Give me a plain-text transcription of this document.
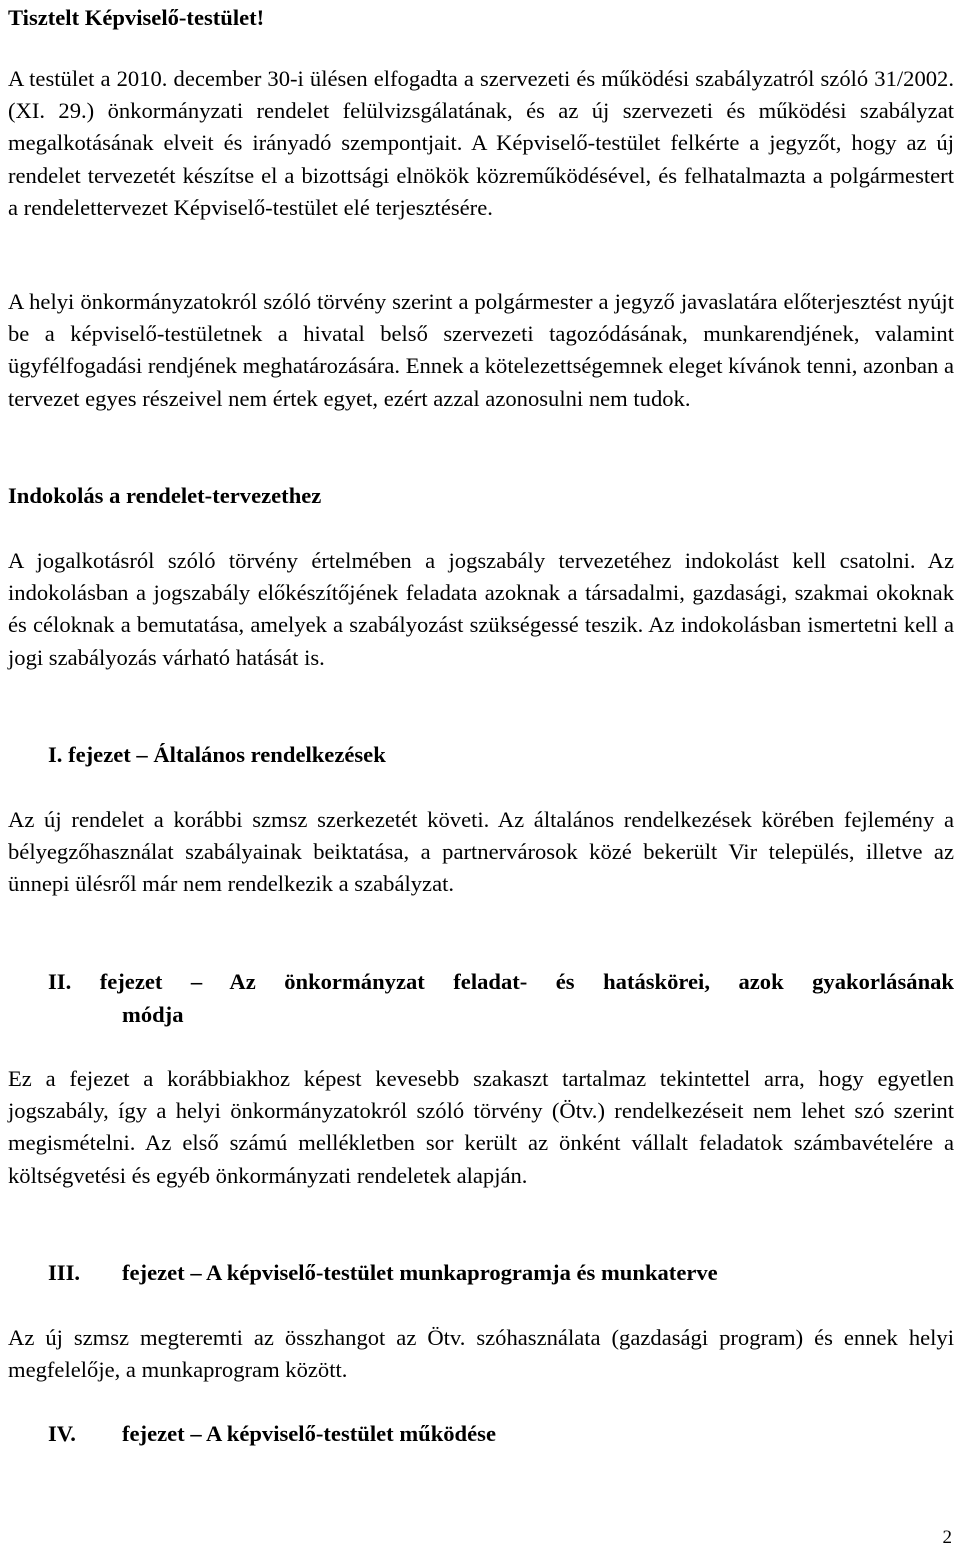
Tisztelt Képviselő-testület!

A testület a 2010. december 30-i ülésen elfogadta a szervezeti és működési szabályzatról szóló 31/2002.(XI. 29.) önkormányzati rendelet felülvizsgálatának, és az új szervezeti és működési szabályzat megalkotásának elveit és irányadó szempontjait. A Képviselő-testület felkérte a jegyzőt, hogy az új rendelet tervezetét készítse el a bizottsági elnökök közreműködésével, és felhatalmazta a polgármestert a rendelettervezet Képviselő-testület elé terjesztésére.

A helyi önkormányzatokról szóló törvény szerint a polgármester a jegyző javaslatára előterjesztést nyújt be a képviselő-testületnek a hivatal belső szervezeti tagozódásának, munkarendjének, valamint ügyfélfogadási rendjének meghatározására. Ennek a kötelezettségemnek eleget kívánok tenni, azonban a tervezet egyes részeivel nem értek egyet, ezért azzal azonosulni nem tudok.

Indokolás a rendelet-tervezethez

A jogalkotásról szóló törvény értelmében a jogszabály tervezetéhez indokolást kell csatolni. Az indokolásban a jogszabály előkészítőjének feladata azoknak a társadalmi, gazdasági, szakmai okoknak és céloknak a bemutatása, amelyek a szabályozást szükségessé teszik. Az indokolásban ismertetni kell a jogi szabályozás várható hatását is.

I. fejezet – Általános rendelkezések

Az új rendelet a korábbi szmsz szerkezetét követi. Az általános rendelkezések körében fejlemény a bélyegzőhasználat szabályainak beiktatása, a partnervárosok közé bekerült Vir település, illetve az ünnepi ülésről már nem rendelkezik a szabályzat.

II. fejezet – Az önkormányzat feladat- és hatáskörei, azok gyakorlásának
módja

Ez a fejezet a korábbiakhoz képest kevesebb szakaszt tartalmaz tekintettel arra, hogy egyetlen jogszabály, így a helyi önkormányzatokról szóló törvény (Ötv.) rendelkezéseit nem lehet szó szerint megismételni. Az első számú mellékletben sor került az önként vállalt feladatok számbavételére a költségvetési és egyéb önkormányzati rendeletek alapján.

III. fejezet – A képviselő-testület munkaprogramja és munkaterve

Az új szmsz megteremti az összhangot az Ötv. szóhasználata (gazdasági program) és ennek helyi megfelelője, a munkaprogram között.

IV. fejezet – A képviselő-testület működése

2
